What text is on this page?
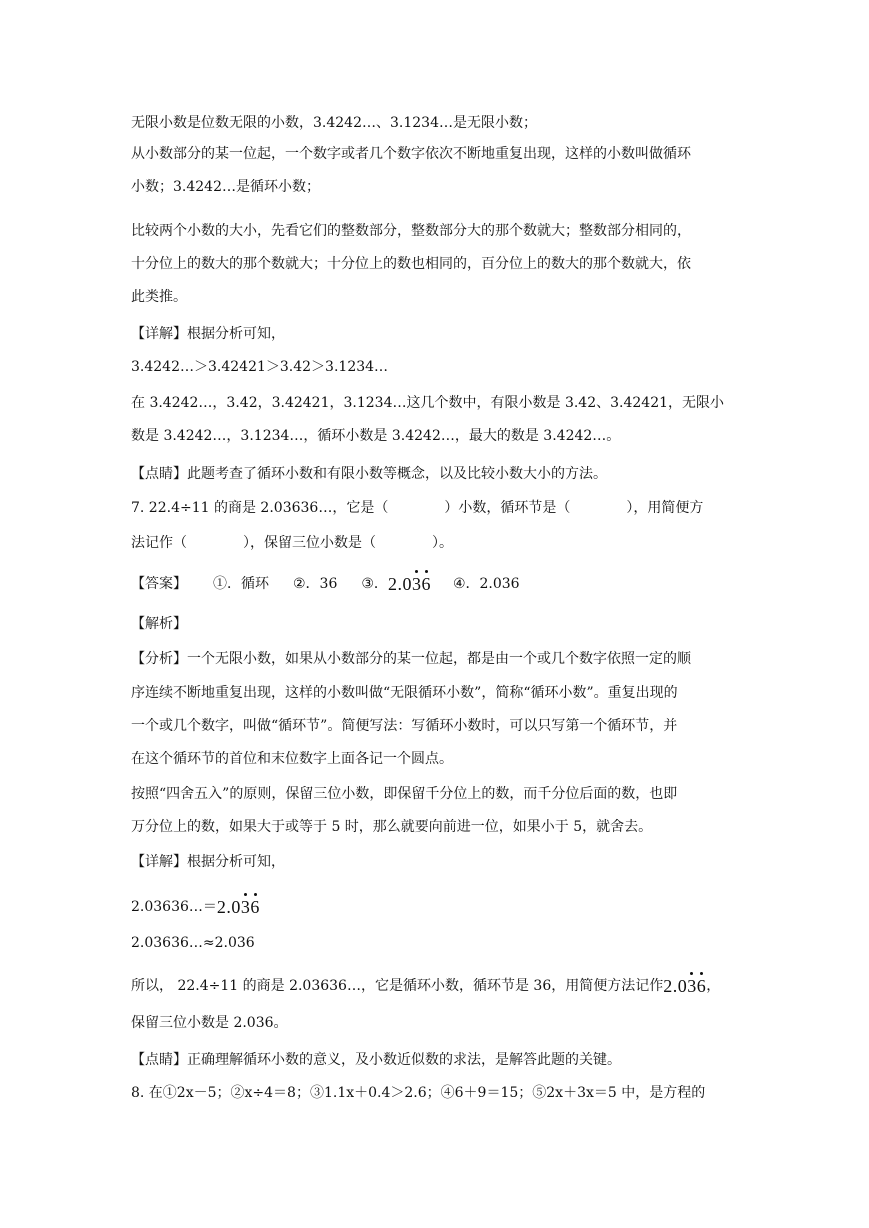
无限小数是位数无限的小数，3.4242…、3.1234…是无限小数；
从小数部分的某一位起，一个数字或者几个数字依次不断地重复出现，这样的小数叫做循环
小数；3.4242…是循环小数；
比较两个小数的大小，先看它们的整数部分，整数部分大的那个数就大；整数部分相同的，
十分位上的数大的那个数就大；十分位上的数也相同的，百分位上的数大的那个数就大，依
此类推。
【详解】根据分析可知，
3.4242…＞3.42421＞3.42＞3.1234…
在 3.4242…，3.42，3.42421，3.1234…这几个数中，有限小数是 3.42、3.42421，无限小
数是 3.4242…，3.1234…，循环小数是 3.4242…，最大的数是 3.4242…。
【点睛】此题考查了循环小数和有限小数等概念，以及比较小数大小的方法。
7. 22.4÷11 的商是 2.03636…，它是（　　　　）小数，循环节是（　　　　），用简便方
法记作（　　　　），保留三位小数是（　　　　）。
【答案】 ①．循环 ②．36 ③．2.036 ④．2.036
【解析】
【分析】一个无限小数，如果从小数部分的某一位起，都是由一个或几个数字依照一定的顺
序连续不断地重复出现，这样的小数叫做“无限循环小数”，简称“循环小数”。重复出现的
一个或几个数字，叫做“循环节”。简便写法：写循环小数时，可以只写第一个循环节，并
在这个循环节的首位和末位数字上面各记一个圆点。
按照“四舍五入”的原则，保留三位小数，即保留千分位上的数，而千分位后面的数，也即
万分位上的数，如果大于或等于 5 时，那么就要向前进一位，如果小于 5，就舍去。
【详解】根据分析可知，
2.03636…＝2.036
2.03636…≈2.036
所以， 22.4÷11 的商是 2.03636…，它是循环小数，循环节是 36，用简便方法记作2.036，
保留三位小数是 2.036。
【点睛】正确理解循环小数的意义，及小数近似数的求法，是解答此题的关键。
8. 在①2x－5；②x÷4＝8；③1.1x＋0.4＞2.6；④6＋9＝15；⑤2x＋3x＝5 中，是方程的
